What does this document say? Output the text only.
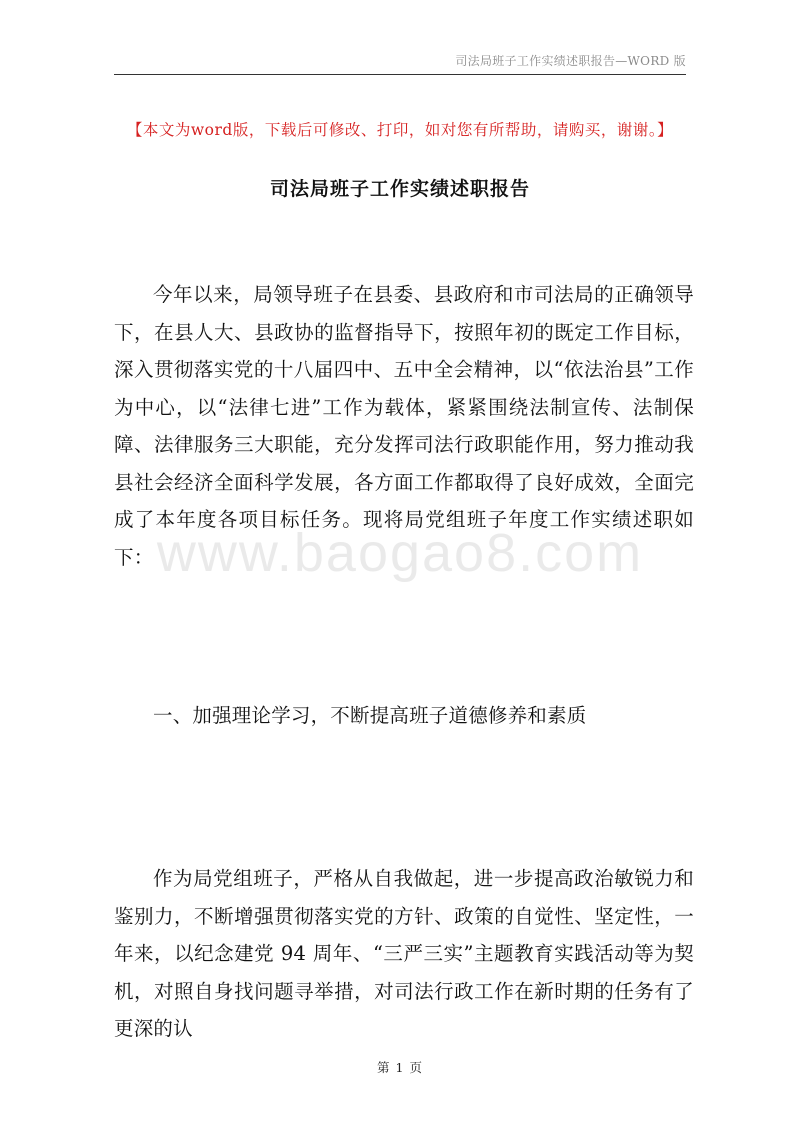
司法局班子工作实绩述职报告—WORD 版
【本文为word版，下载后可修改、打印，如对您有所帮助，请购买，谢谢。】
司法局班子工作实绩述职报告

今年以来，局领导班子在县委、县政府和市司法局的正确领导下，在县人大、县政协的监督指导下，按照年初的既定工作目标，深入贯彻落实党的十八届四中、五中全会精神，以“依法治县”工作为中心，以“法律七进”工作为载体，紧紧围绕法制宣传、法制保障、法律服务三大职能，充分发挥司法行政职能作用，努力推动我县社会经济全面科学发展，各方面工作都取得了良好成效，全面完成了本年度各项目标任务。现将局党组班子年度工作实绩述职如下： www.baogao8.com
一、加强理论学习，不断提高班子道德修养和素质

作为局党组班子，严格从自我做起，进一步提高政治敏锐力和鉴别力，不断增强贯彻落实党的方针、政策的自觉性、坚定性，一年来，以纪念建党 94 周年、“三严三实”主题教育实践活动等为契机，对照自身找问题寻举措，对司法行政工作在新时期的任务有了更深的认

第 1 页
